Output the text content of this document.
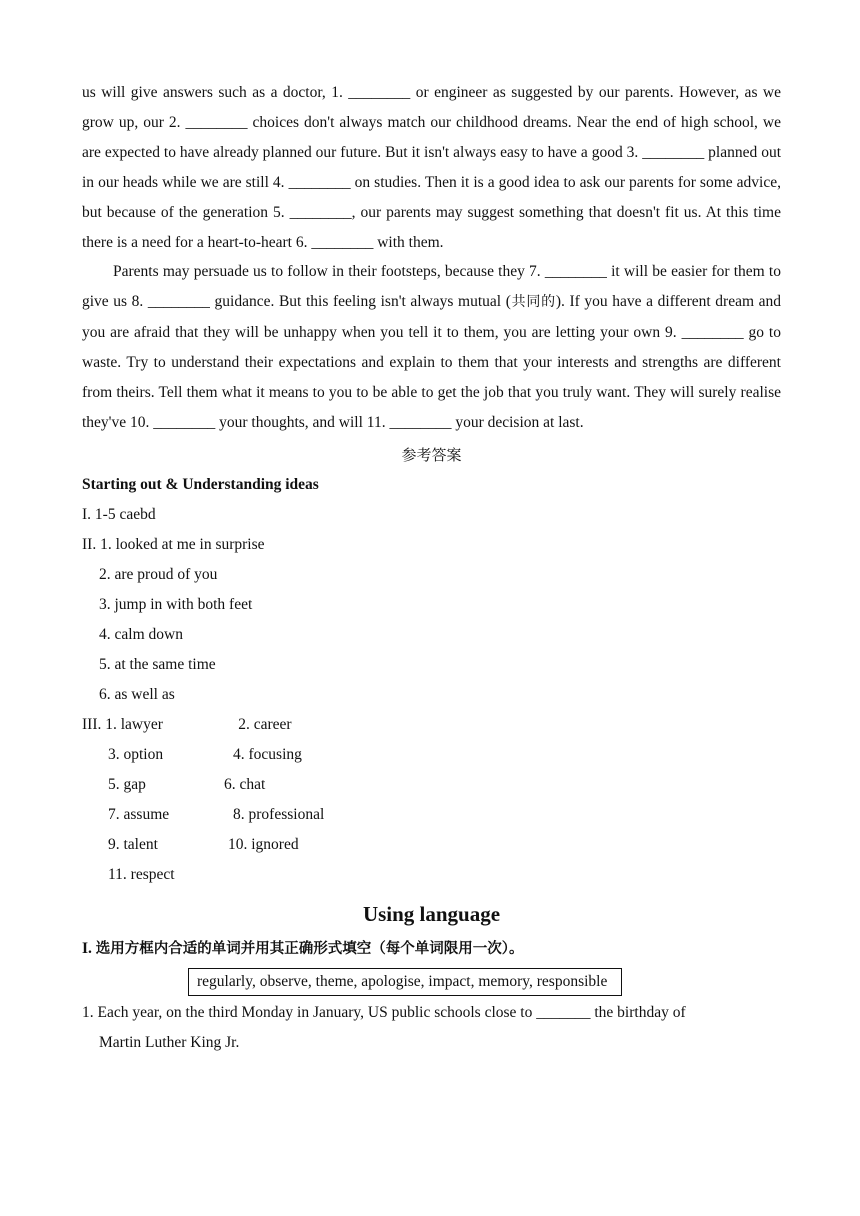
us will give answers such as a doctor, 1. ________ or engineer as suggested by our parents. However, as we grow up, our 2. ________ choices don't always match our childhood dreams. Near the end of high school, we are expected to have already planned our future. But it isn't always easy to have a good 3. ________ planned out in our heads while we are still 4. ________ on studies. Then it is a good idea to ask our parents for some advice, but because of the generation 5. ________, our parents may suggest something that doesn't fit us. At this time there is a need for a heart-to-heart 6. ________ with them.

Parents may persuade us to follow in their footsteps, because they 7. ________ it will be easier for them to give us 8. ________ guidance. But this feeling isn't always mutual (共同的). If you have a different dream and you are afraid that they will be unhappy when you tell it to them, you are letting your own 9. ________ go to waste. Try to understand their expectations and explain to them that your interests and strengths are different from theirs. Tell them what it means to you to be able to get the job that you truly want. They will surely realise they've 10. ________ your thoughts, and will 11. ________ your decision at last.

参考答案

Starting out & Understanding ideas

I. 1-5 caebd

II. 1. looked at me in surprise

2. are proud of you

3. jump in with both feet

4. calm down

5. at the same time

6. as well as

III. 1. lawyer	2. career
3. option	4. focusing
5. gap	6. chat
7. assume	8. professional
9. talent	10. ignored
11. respect
Using language

I. 选用方框内合适的单词并用其正确形式填空（每个单词限用一次）。

regularly, observe, theme, apologise, impact, memory, responsible

1. Each year, on the third Monday in January, US public schools close to _______ the birthday of
Martin Luther King Jr.
